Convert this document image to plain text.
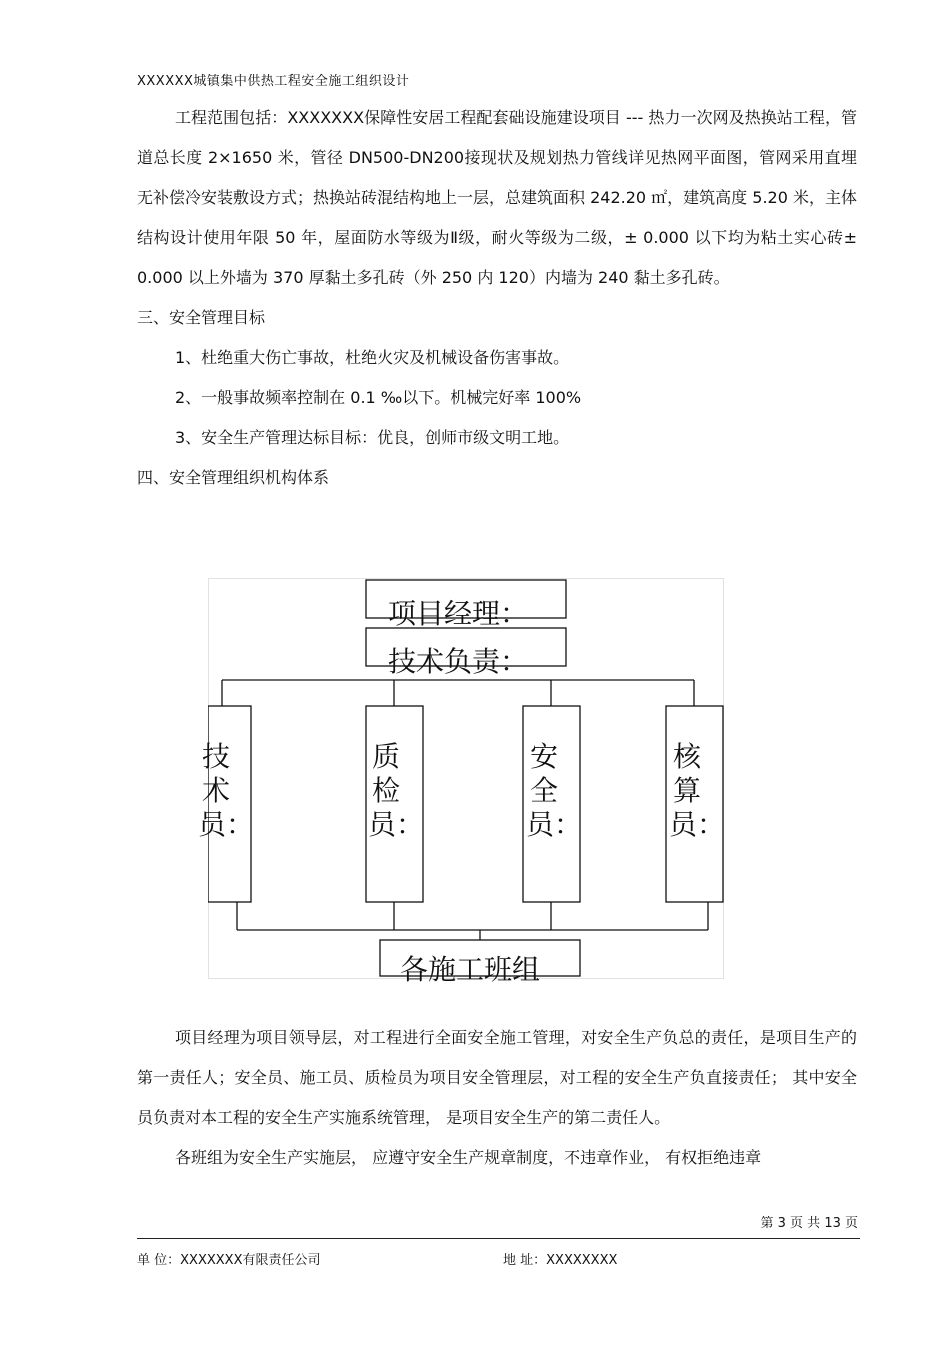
XXXXXX城镇集中供热工程安全施工组织设计

工程范围包括：XXXXXXX保障性安居工程配套础设施建设项目 --- 热力一次网及热换站工程，管道总长度 2×1650 米，管径 DN500-DN200接现状及规划热力管线详见热网平面图，管网采用直埋无补偿冷安装敷设方式；热换站砖混结构地上一层，总建筑面积 242.20 ㎡，建筑高度 5.20 米，主体结构设计使用年限 50 年，屋面防水等级为Ⅱ级，耐火等级为二级，± 0.000 以下均为粘土实心砖± 0.000 以上外墙为 370 厚黏土多孔砖（外 250 内 120）内墙为 240 黏土多孔砖。

三、安全管理目标

1、杜绝重大伤亡事故，杜绝火灾及机械设备伤害事故。

2、一般事故频率控制在 0.1 ‰以下。机械完好率 100%

3、安全生产管理达标目标：优良，创师市级文明工地。

四、安全管理组织机构体系

项目经理：
技术负责：
技术员：
质检员：
安全员：
核算员：
各施工班组

项目经理为项目领导层，对工程进行全面安全施工管理，对安全生产负总的责任，是项目生产的第一责任人；安全员、施工员、质检员为项目安全管理层，对工程的安全生产负直接责任； 其中安全员负责对本工程的安全生产实施系统管理， 是项目安全生产的第二责任人。

各班组为安全生产实施层， 应遵守安全生产规章制度，不违章作业， 有权拒绝违章

第 3 页 共 13 页
单 位：XXXXXXX有限责任公司	地 址：XXXXXXXX
